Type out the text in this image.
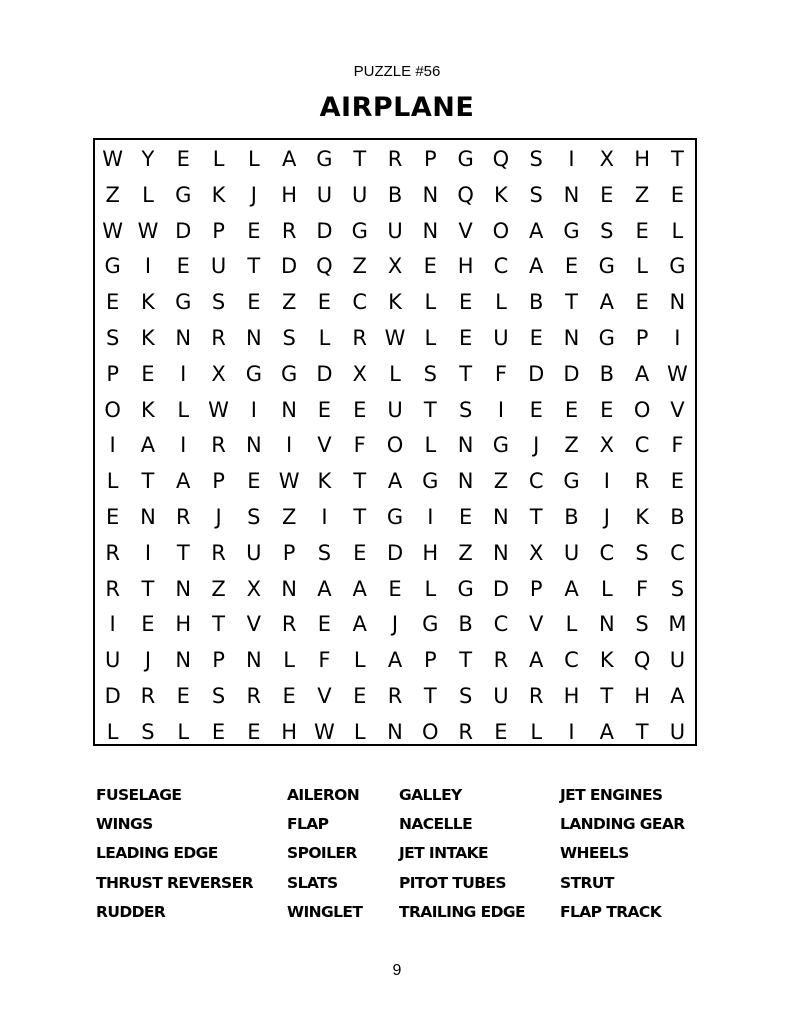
PUZZLE #56
AIRPLANE
W Y	E	L	L	A G T	R	P G Q S	I	X H T
Z	L	G K	J	H U U B N Q K	S N E	Z	E
W W D P	E	R D G U N V O A G S	E	L
G	I	E U	T D Q Z X	E H C A	E G	L	G
E	K G S	E	Z	E	C	K	L	E	L	B	T	A	E N
S	K N R N S	L	R W L	E U E N G P	I
P	E	I	X G G D X	L	S	T	F	D D B A W
O K	L W	I	N E	E U	T	S	I	E	E	E O V
I	A	I	R N	I	V	F O	L	N G	J	Z X C	F
L	T	A	P	E W K	T	A G N Z C G	I	R	E
E N R	J	S	Z	I	T G	I	E N	T	B	J	K	B
R	I	T	R U	P	S	E D H Z N X U C	S	C
R	T	N Z X N A A	E	L	G D P	A	L	F	S
I	E H T	V R	E	A	J	G B C V	L	N S M
U	J	N	P	N	L	F	L	A	P	T	R A C	K Q U
D R	E	S	R	E	V	E	R	T	S U R H T H A
L	S	L	E	E H W L	N O R	E	L	I	A	T	U
FUSELAGE
WINGS
LEADING EDGE
THRUST REVERSER
RUDDER
AILERON
FLAP
SPOILER
SLATS
WINGLET
GALLEY
NACELLE
JET INTAKE
PITOT TUBES
TRAILING EDGE
JET ENGINES
LANDING GEAR
WHEELS
STRUT
FLAP TRACK
9
